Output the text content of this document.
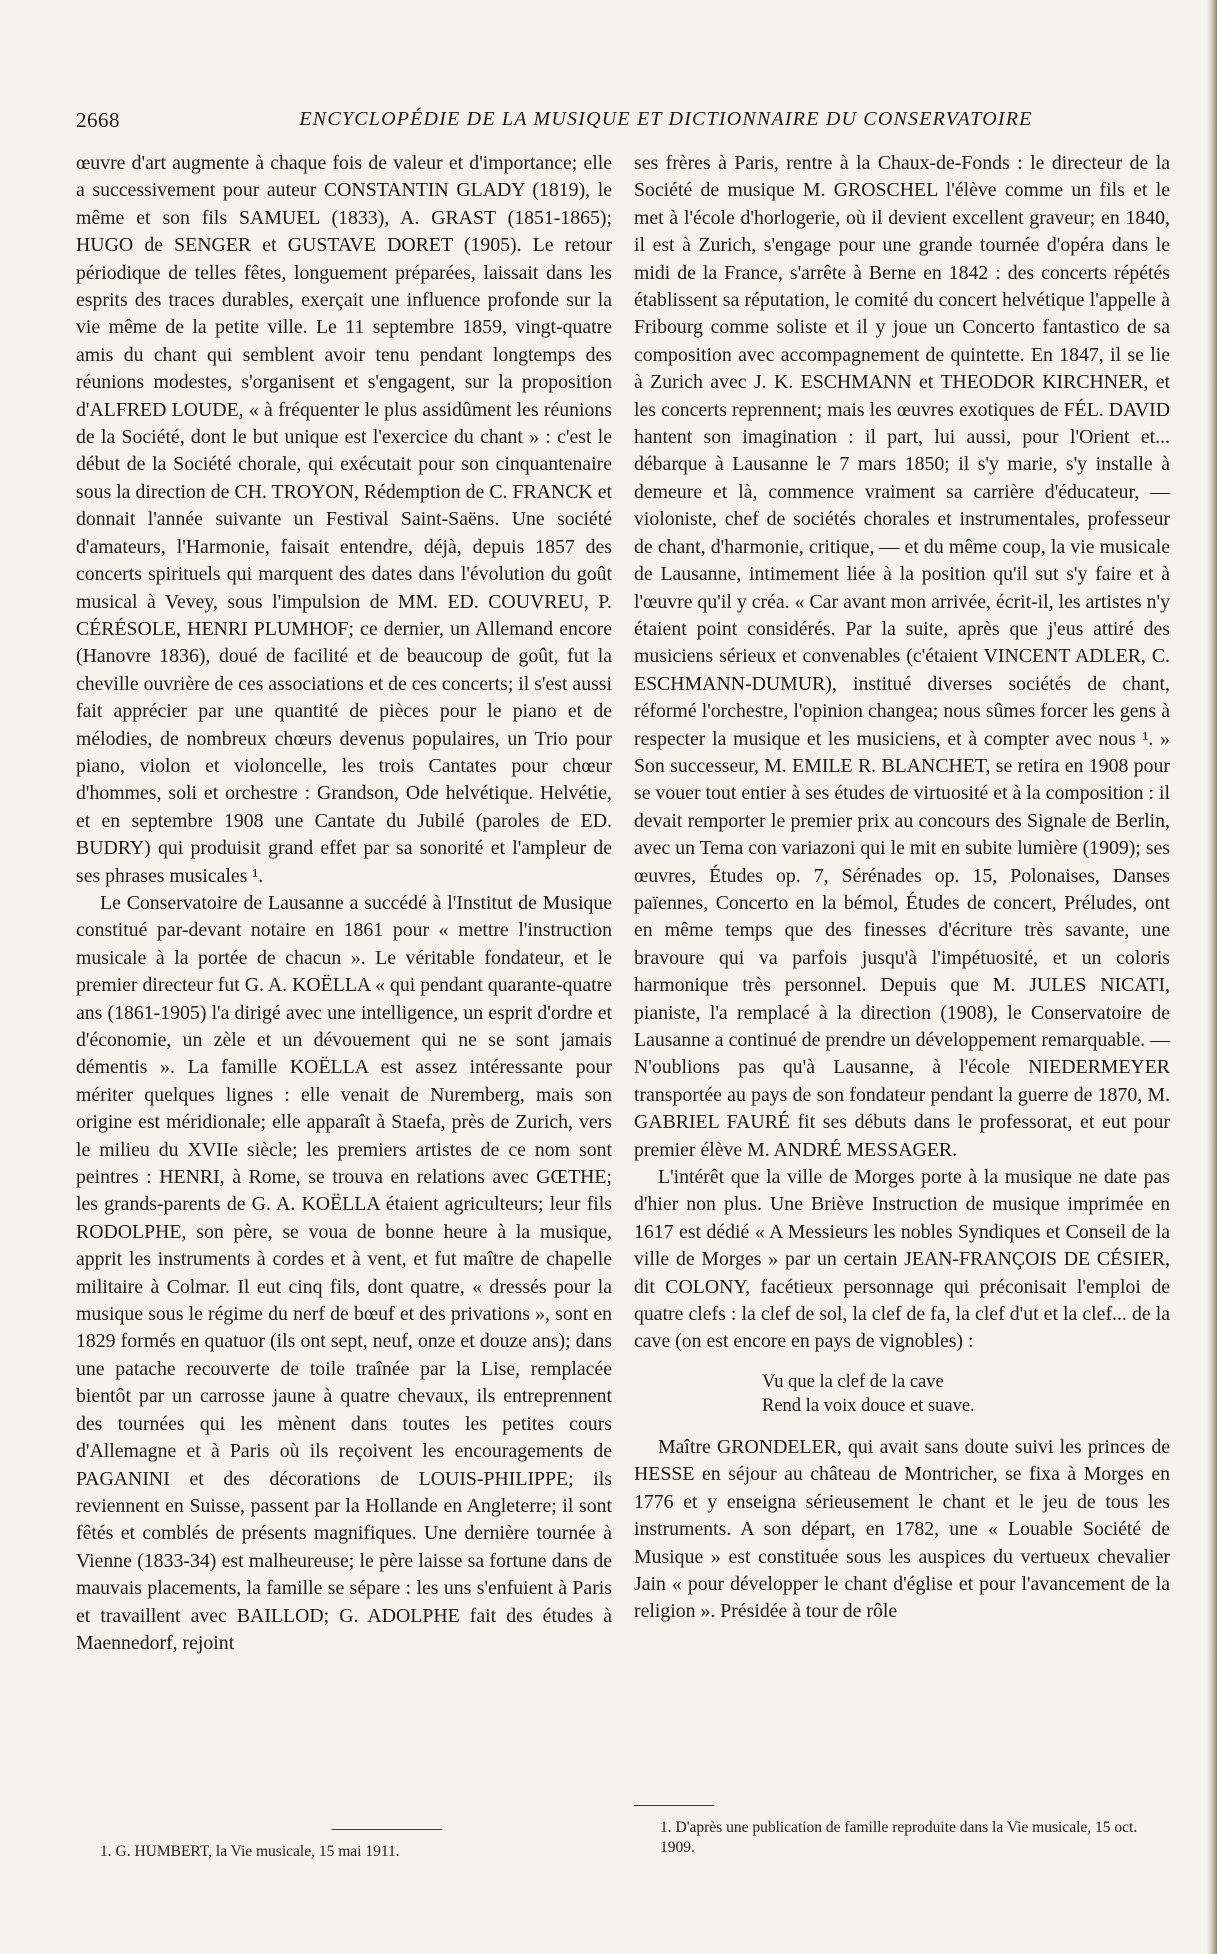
2668	ENCYCLOPÉDIE DE LA MUSIQUE ET DICTIONNAIRE DU CONSERVATOIRE

œuvre d'art augmente à chaque fois de valeur et d'importance; elle a successivement pour auteur CONSTANTIN GLADY (1819), le même et son fils SAMUEL (1833), A. GRAST (1851-1865); HUGO de SENGER et GUSTAVE DORET (1905). Le retour périodique de telles fêtes, longuement préparées, laissait dans les esprits des traces durables, exerçait une influence profonde sur la vie même de la petite ville. Le 11 septembre 1859, vingt-quatre amis du chant qui semblent avoir tenu pendant longtemps des réunions modestes, s'organisent et s'engagent, sur la proposition d'ALFRED LOUDE, « à fréquenter le plus assidûment les réunions de la Société, dont le but unique est l'exercice du chant » : c'est le début de la Société chorale, qui exécutait pour son cinquantenaire sous la direction de CH. TROYON, Rédemption de C. FRANCK et donnait l'année suivante un Festival Saint-Saëns. Une société d'amateurs, l'Harmonie, faisait entendre, déjà, depuis 1857 des concerts spirituels qui marquent des dates dans l'évolution du goût musical à Vevey, sous l'impulsion de MM. ED. COUVREU, P. CÉRÉSOLE, HENRI PLUMHOF; ce dernier, un Allemand encore (Hanovre 1836), doué de facilité et de beaucoup de goût, fut la cheville ouvrière de ces associations et de ces concerts; il s'est aussi fait apprécier par une quantité de pièces pour le piano et de mélodies, de nombreux chœurs devenus populaires, un Trio pour piano, violon et violoncelle, les trois Cantates pour chœur d'hommes, soli et orchestre : Grandson, Ode helvétique. Helvétie, et en septembre 1908 une Cantate du Jubilé (paroles de ED. BUDRY) qui produisit grand effet par sa sonorité et l'ampleur de ses phrases musicales ¹.

Le Conservatoire de Lausanne a succédé à l'Institut de Musique constitué par-devant notaire en 1861 pour « mettre l'instruction musicale à la portée de chacun ». Le véritable fondateur, et le premier directeur fut G. A. KOËLLA « qui pendant quarante-quatre ans (1861-1905) l'a dirigé avec une intelligence, un esprit d'ordre et d'économie, un zèle et un dévouement qui ne se sont jamais démentis ». La famille KOËLLA est assez intéressante pour mériter quelques lignes : elle venait de Nuremberg, mais son origine est méridionale; elle apparaît à Staefa, près de Zurich, vers le milieu du XVIIe siècle; les premiers artistes de ce nom sont peintres : HENRI, à Rome, se trouva en relations avec GŒTHE; les grands-parents de G. A. KOËLLA étaient agriculteurs; leur fils RODOLPHE, son père, se voua de bonne heure à la musique, apprit les instruments à cordes et à vent, et fut maître de chapelle militaire à Colmar. Il eut cinq fils, dont quatre, « dressés pour la musique sous le régime du nerf de bœuf et des privations », sont en 1829 formés en quatuor (ils ont sept, neuf, onze et douze ans); dans une patache recouverte de toile traînée par la Lise, remplacée bientôt par un carrosse jaune à quatre chevaux, ils entreprennent des tournées qui les mènent dans toutes les petites cours d'Allemagne et à Paris où ils reçoivent les encouragements de PAGANINI et des décorations de LOUIS-PHILIPPE; ils reviennent en Suisse, passent par la Hollande en Angleterre; il sont fêtés et comblés de présents magnifiques. Une dernière tournée à Vienne (1833-34) est malheureuse; le père laisse sa fortune dans de mauvais placements, la famille se sépare : les uns s'enfuient à Paris et travaillent avec BAILLOD; G. ADOLPHE fait des études à Maennedorf, rejoint

ses frères à Paris, rentre à la Chaux-de-Fonds : le directeur de la Société de musique M. GROSCHEL l'élève comme un fils et le met à l'école d'horlogerie, où il devient excellent graveur; en 1840, il est à Zurich, s'engage pour une grande tournée d'opéra dans le midi de la France, s'arrête à Berne en 1842 : des concerts répétés établissent sa réputation, le comité du concert helvétique l'appelle à Fribourg comme soliste et il y joue un Concerto fantastico de sa composition avec accompagnement de quintette. En 1847, il se lie à Zurich avec J. K. ESCHMANN et THEODOR KIRCHNER, et les concerts reprennent; mais les œuvres exotiques de FÉL. DAVID hantent son imagination : il part, lui aussi, pour l'Orient et... débarque à Lausanne le 7 mars 1850; il s'y marie, s'y installe à demeure et là, commence vraiment sa carrière d'éducateur, — violoniste, chef de sociétés chorales et instrumentales, professeur de chant, d'harmonie, critique, — et du même coup, la vie musicale de Lausanne, intimement liée à la position qu'il sut s'y faire et à l'œuvre qu'il y créa. « Car avant mon arrivée, écrit-il, les artistes n'y étaient point considérés. Par la suite, après que j'eus attiré des musiciens sérieux et convenables (c'étaient VINCENT ADLER, C. ESCHMANN-DUMUR), institué diverses sociétés de chant, réformé l'orchestre, l'opinion changea; nous sûmes forcer les gens à respecter la musique et les musiciens, et à compter avec nous ¹. » Son successeur, M. EMILE R. BLANCHET, se retira en 1908 pour se vouer tout entier à ses études de virtuosité et à la composition : il devait remporter le premier prix au concours des Signale de Berlin, avec un Tema con variazoni qui le mit en subite lumière (1909); ses œuvres, Études op. 7, Sérénades op. 15, Polonaises, Danses païennes, Concerto en la bémol, Études de concert, Préludes, ont en même temps que des finesses d'écriture très savante, une bravoure qui va parfois jusqu'à l'impétuosité, et un coloris harmonique très personnel. Depuis que M. JULES NICATI, pianiste, l'a remplacé à la direction (1908), le Conservatoire de Lausanne a continué de prendre un développement remarquable. — N'oublions pas qu'à Lausanne, à l'école NIEDERMEYER transportée au pays de son fondateur pendant la guerre de 1870, M. GABRIEL FAURÉ fit ses débuts dans le professorat, et eut pour premier élève M. ANDRÉ MESSAGER.

L'intérêt que la ville de Morges porte à la musique ne date pas d'hier non plus. Une Briève Instruction de musique imprimée en 1617 est dédié « A Messieurs les nobles Syndiques et Conseil de la ville de Morges » par un certain JEAN-FRANÇOIS DE CÉSIER, dit COLONY, facétieux personnage qui préconisait l'emploi de quatre clefs : la clef de sol, la clef de fa, la clef d'ut et la clef... de la cave (on est encore en pays de vignobles) :

Vu que la clef de la cave
Rend la voix douce et suave.

Maître GRONDELER, qui avait sans doute suivi les princes de HESSE en séjour au château de Montricher, se fixa à Morges en 1776 et y enseigna sérieusement le chant et le jeu de tous les instruments. A son départ, en 1782, une « Louable Société de Musique » est constituée sous les auspices du vertueux chevalier Jain « pour développer le chant d'église et pour l'avancement de la religion ». Présidée à tour de rôle

1. G. HUMBERT, la Vie musicale, 15 mai 1911.
1. D'après une publication de famille reproduite dans la Vie musicale, 15 oct. 1909.
